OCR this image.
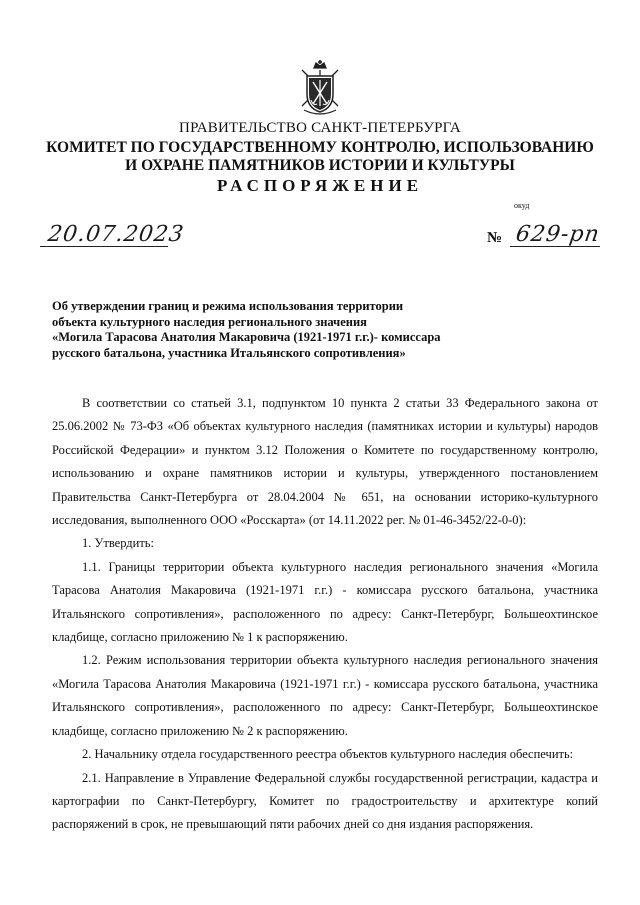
ПРАВИТЕЛЬСТВО САНКТ-ПЕТЕРБУРГА
КОМИТЕТ ПО ГОСУДАРСТВЕННОМУ КОНТРОЛЮ, ИСПОЛЬЗОВАНИЮ
И ОХРАНЕ ПАМЯТНИКОВ ИСТОРИИ И КУЛЬТУРЫ
РАСПОРЯЖЕНИЕ
окуд
20.07.2023	№ 629-рп
Об утверждении границ и режима использования территории
объекта культурного наследия регионального значения
«Могила Тарасова Анатолия Макаровича (1921-1971 г.г.)- комиссара
русского батальона, участника Итальянского сопротивления»

В соответствии со статьей 3.1, подпунктом 10 пункта 2 статьи 33 Федерального закона от 25.06.2002 № 73-ФЗ «Об объектах культурного наследия (памятниках истории и культуры) народов Российской Федерации» и пунктом 3.12 Положения о Комитете по государственному контролю, использованию и охране памятников истории и культуры, утвержденного постановлением Правительства Санкт-Петербурга от 28.04.2004 № 651, на основании историко-культурного исследования, выполненного ООО «Росскарта» (от 14.11.2022 рег. № 01-46-3452/22-0-0):

1. Утвердить:

1.1. Границы территории объекта культурного наследия регионального значения «Могила Тарасова Анатолия Макаровича (1921-1971 г.г.) - комиссара русского батальона, участника Итальянского сопротивления», расположенного по адресу: Санкт-Петербург, Большеохтинское кладбище, согласно приложению № 1 к распоряжению.

1.2. Режим использования территории объекта культурного наследия регионального значения «Могила Тарасова Анатолия Макаровича (1921-1971 г.г.) - комиссара русского батальона, участника Итальянского сопротивления», расположенного по адресу: Санкт-Петербург, Большеохтинское кладбище, согласно приложению № 2 к распоряжению.

2. Начальнику отдела государственного реестра объектов культурного наследия обеспечить:

2.1. Направление в Управление Федеральной службы государственной регистрации, кадастра и картографии по Санкт-Петербургу, Комитет по градостроительству и архитектуре копий распоряжений в срок, не превышающий пяти рабочих дней со дня издания распоряжения.
